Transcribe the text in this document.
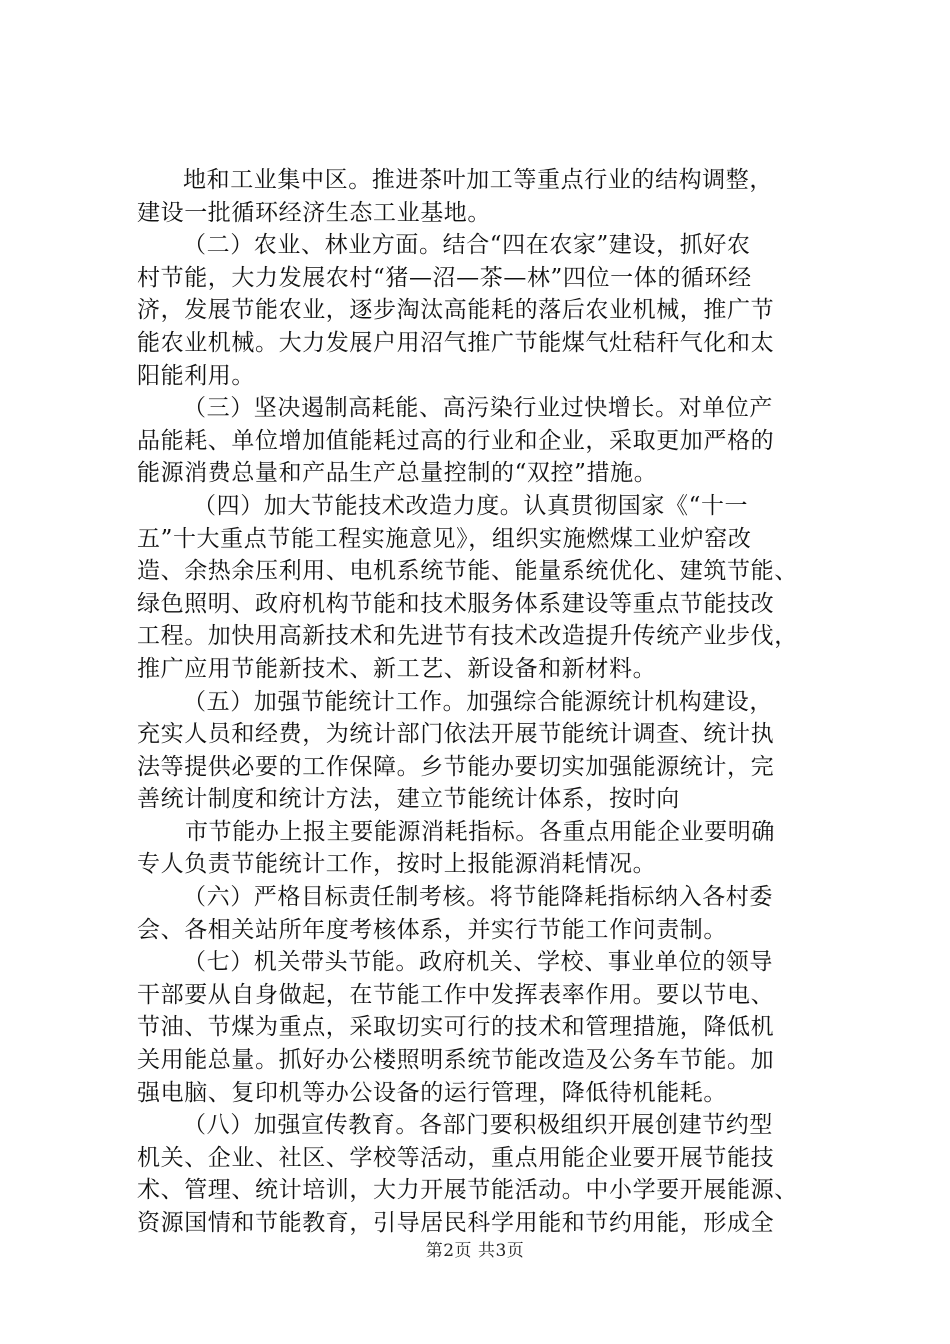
地和工业集中区。推进茶叶加工等重点行业的结构调整，
建设一批循环经济生态工业基地。
（二）农业、林业方面。结合“四在农家”建设，抓好农
村节能，大力发展农村“猪—沼—茶—林”四位一体的循环经
济，发展节能农业，逐步淘汰高能耗的落后农业机械，推广节
能农业机械。大力发展户用沼气推广节能煤气灶秸秆气化和太
阳能利用。
（三）坚决遏制高耗能、高污染行业过快增长。对单位产
品能耗、单位增加值能耗过高的行业和企业，采取更加严格的
能源消费总量和产品生产总量控制的“双控”措施。
（四）加大节能技术改造力度。认真贯彻国家《“十一
五”十大重点节能工程实施意见》，组织实施燃煤工业炉窑改
造、余热余压利用、电机系统节能、能量系统优化、建筑节能、
绿色照明、政府机构节能和技术服务体系建设等重点节能技改
工程。加快用高新技术和先进节有技术改造提升传统产业步伐，
推广应用节能新技术、新工艺、新设备和新材料。
（五）加强节能统计工作。加强综合能源统计机构建设，
充实人员和经费，为统计部门依法开展节能统计调查、统计执
法等提供必要的工作保障。乡节能办要切实加强能源统计，完
善统计制度和统计方法，建立节能统计体系，按时向
市节能办上报主要能源消耗指标。各重点用能企业要明确
专人负责节能统计工作，按时上报能源消耗情况。
（六）严格目标责任制考核。将节能降耗指标纳入各村委
会、各相关站所年度考核体系，并实行节能工作问责制。
（七）机关带头节能。政府机关、学校、事业单位的领导
干部要从自身做起，在节能工作中发挥表率作用。要以节电、
节油、节煤为重点，采取切实可行的技术和管理措施，降低机
关用能总量。抓好办公楼照明系统节能改造及公务车节能。加
强电脑、复印机等办公设备的运行管理，降低待机能耗。
（八）加强宣传教育。各部门要积极组织开展创建节约型
机关、企业、社区、学校等活动，重点用能企业要开展节能技
术、管理、统计培训，大力开展节能活动。中小学要开展能源、
资源国情和节能教育，引导居民科学用能和节约用能，形成全
第2页 共3页
